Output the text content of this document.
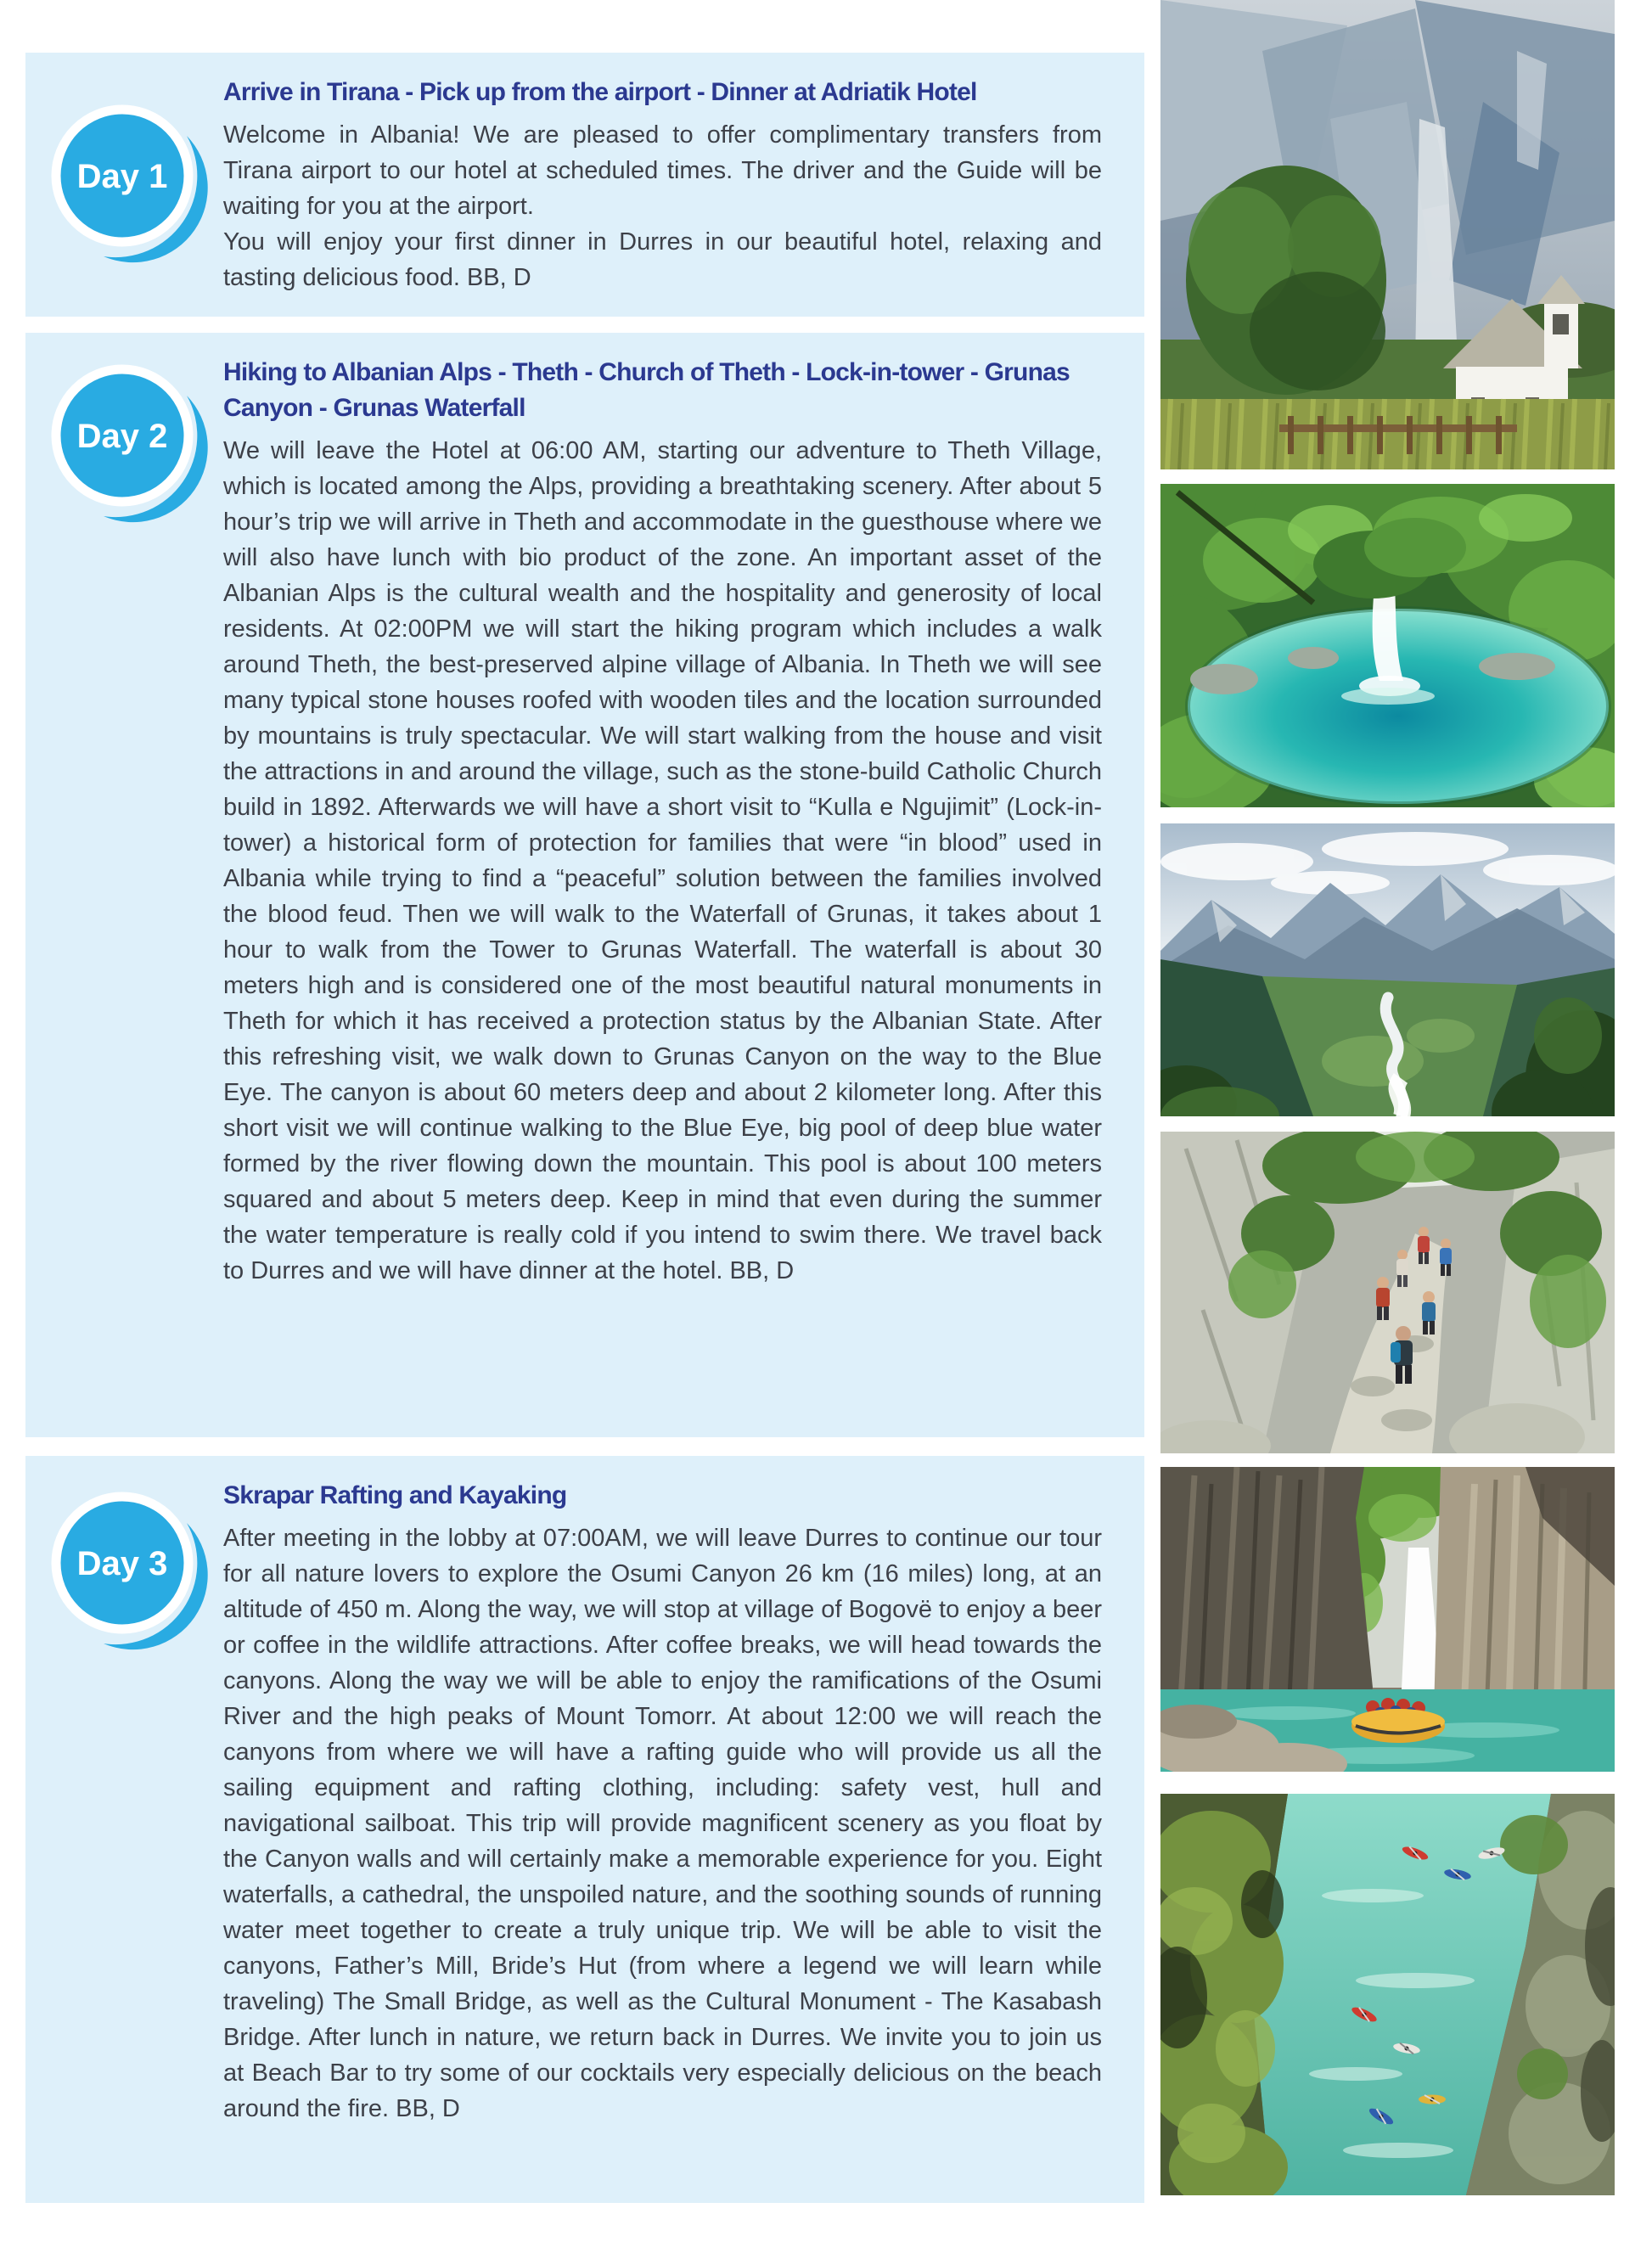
Arrive in Tirana - Pick up from the airport - Dinner at Adriatik Hotel

Welcome in Albania! We are pleased to offer complimentary transfers from Tirana airport to our hotel at scheduled times. The driver and the Guide will be waiting for you at the airport.

You will enjoy your first dinner in Durres in our beautiful hotel, relaxing and tasting delicious food. BB, D

Hiking to Albanian Alps - Theth - Church of Theth - Lock-in-tower - Grunas Canyon - Grunas Waterfall

We will leave the Hotel at 06:00 AM, starting our adventure to Theth Village, which is located among the Alps, providing a breathtaking scenery. After about 5 hour’s trip we will arrive in Theth and accommodate in the guesthouse where we will also have lunch with bio product of the zone. An important asset of the Albanian Alps is the cultural wealth and the hospitality and generosity of local residents. At 02:00PM we will start the hiking program which includes a walk around Theth, the best-preserved alpine village of Albania. In Theth we will see many typical stone houses roofed with wooden tiles and the location surrounded by mountains is truly spectacular. We will start walking from the house and visit the attractions in and around the village, such as the stone-build Catholic Church build in 1892. Afterwards we will have a short visit to “Kulla e Ngujimit” (Lock-in-tower) a historical form of protection for families that were “in blood” used in Albania while trying to find a “peaceful” solution between the families involved the blood feud. Then we will walk to the Waterfall of Grunas, it takes about 1 hour to walk from the Tower to Grunas Waterfall. The waterfall is about 30 meters high and is considered one of the most beautiful natural monuments in Theth for which it has received a protection status by the Albanian State. After this refreshing visit, we walk down to Grunas Canyon on the way to the Blue Eye. The canyon is about 60 meters deep and about 2 kilometer long. After this short visit we will continue walking to the Blue Eye, big pool of deep blue water formed by the river flowing down the mountain. This pool is about 100 meters squared and about 5 meters deep. Keep in mind that even during the summer the water temperature is really cold if you intend to swim there. We travel back to Durres and we will have dinner at the hotel. BB, D

Skrapar Rafting and Kayaking

After meeting in the lobby at 07:00AM, we will leave Durres to continue our tour for all nature lovers to explore the Osumi Canyon 26 km (16 miles) long, at an altitude of 450 m. Along the way, we will stop at village of Bogovë to enjoy a beer or coffee in the wildlife attractions. After coffee breaks, we will head towards the canyons. Along the way we will be able to enjoy the ramifications of the Osumi River and the high peaks of Mount Tomorr. At about 12:00 we will reach the canyons from where we will have a rafting guide who will provide us all the sailing equipment and rafting clothing, including: safety vest, hull and navigational sailboat. This trip will provide magnificent scenery as you float by the Canyon walls and will certainly make a memorable experience for you. Eight waterfalls, a cathedral, the unspoiled nature, and the soothing sounds of running water meet together to create a truly unique trip. We will be able to visit the canyons, Father’s Mill, Bride’s Hut (from where a legend we will learn while traveling) The Small Bridge, as well as the Cultural Monument - The Kasabash Bridge. After lunch in nature, we return back in Durres. We invite you to join us at Beach Bar to try some of our cocktails very especially delicious on the beach around the fire. BB, D

Day 1
Day 2
Day 3
